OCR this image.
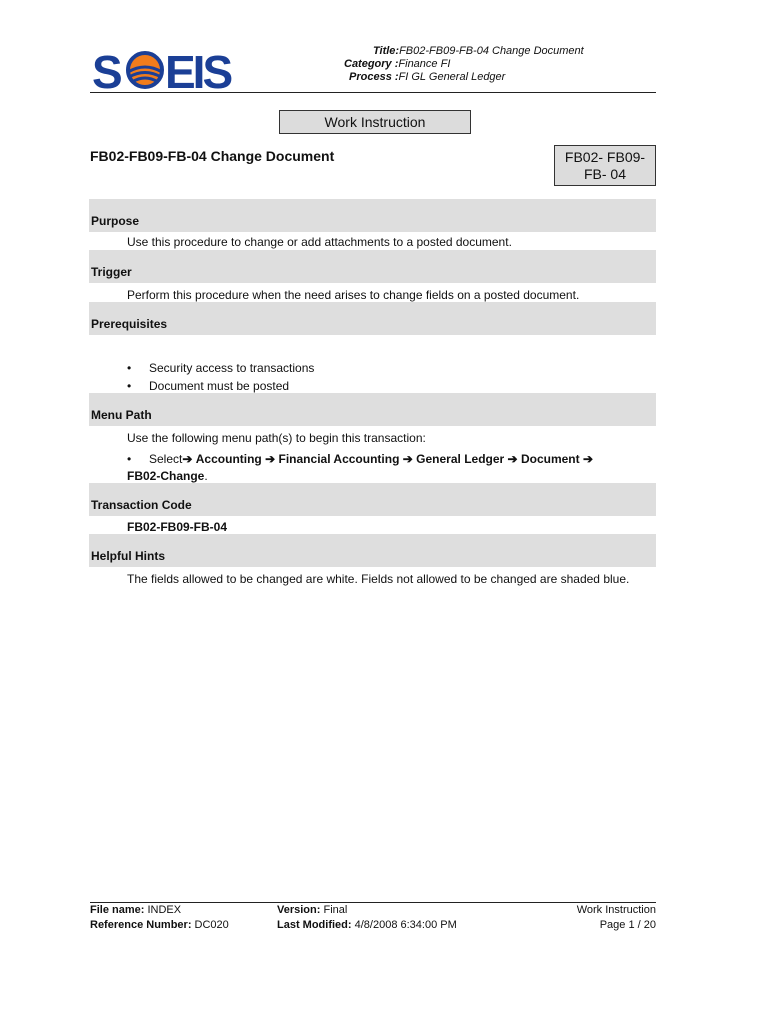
S EIS	Title:FB02-FB09-FB-04 Change Document
Category :Finance FI
Process :FI GL General Ledger
Work Instruction
FB02-FB09-FB-04 Change Document	FB02- FB09-
FB- 04
Purpose
Use this procedure to change or add attachments to a posted document.
Trigger
Perform this procedure when the need arises to change fields on a posted document.
Prerequisites
• Security access to transactions
• Document must be posted
Menu Path
Use the following menu path(s) to begin this transaction:
• Select➔ Accounting ➔ Financial Accounting ➔ General Ledger ➔ Document ➔
FB02-Change.
Transaction Code
FB02-FB09-FB-04
Helpful Hints
The fields allowed to be changed are white. Fields not allowed to be changed are shaded blue.
File name: INDEX
Reference Number: DC020
Version: Final
Last Modified: 4/8/2008 6:34:00 PM
Work Instruction
Page 1 / 20
